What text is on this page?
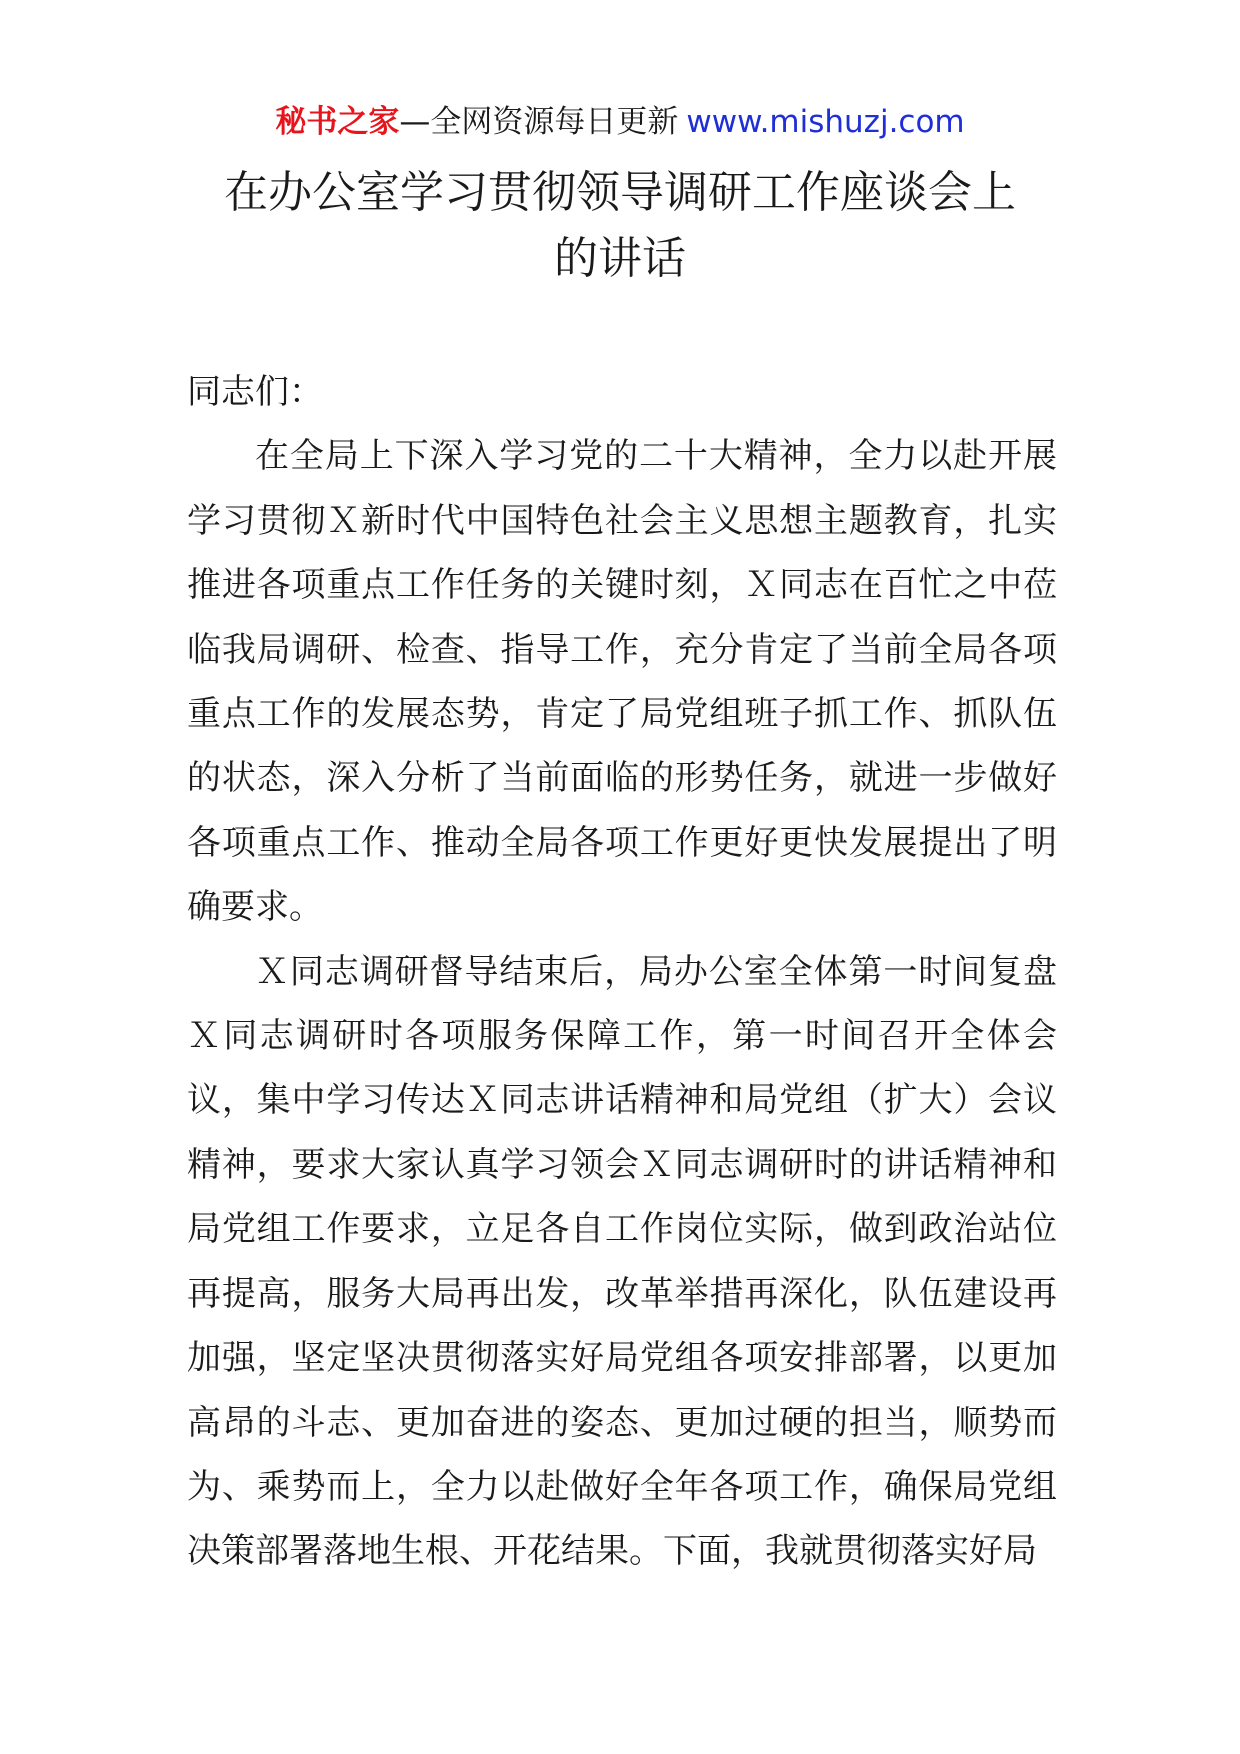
秘书之家—全网资源每日更新 www.mishuzj.com
在办公室学习贯彻领导调研工作座谈会上
的讲话

同志们：

在全局上下深入学习党的二十大精神，全力以赴开展学习贯彻Ｘ新时代中国特色社会主义思想主题教育，扎实推进各项重点工作任务的关键时刻，Ｘ同志在百忙之中莅临我局调研、检查、指导工作，充分肯定了当前全局各项重点工作的发展态势，肯定了局党组班子抓工作、抓队伍的状态，深入分析了当前面临的形势任务，就进一步做好各项重点工作、推动全局各项工作更好更快发展提出了明确要求。

Ｘ同志调研督导结束后，局办公室全体第一时间复盘Ｘ同志调研时各项服务保障工作，第一时间召开全体会议，集中学习传达Ｘ同志讲话精神和局党组（扩大）会议精神，要求大家认真学习领会Ｘ同志调研时的讲话精神和局党组工作要求，立足各自工作岗位实际，做到政治站位再提高，服务大局再出发，改革举措再深化，队伍建设再加强，坚定坚决贯彻落实好局党组各项安排部署，以更加高昂的斗志、更加奋进的姿态、更加过硬的担当，顺势而为、乘势而上，全力以赴做好全年各项工作，确保局党组决策部署落地生根、开花结果。下面，我就贯彻落实好局
